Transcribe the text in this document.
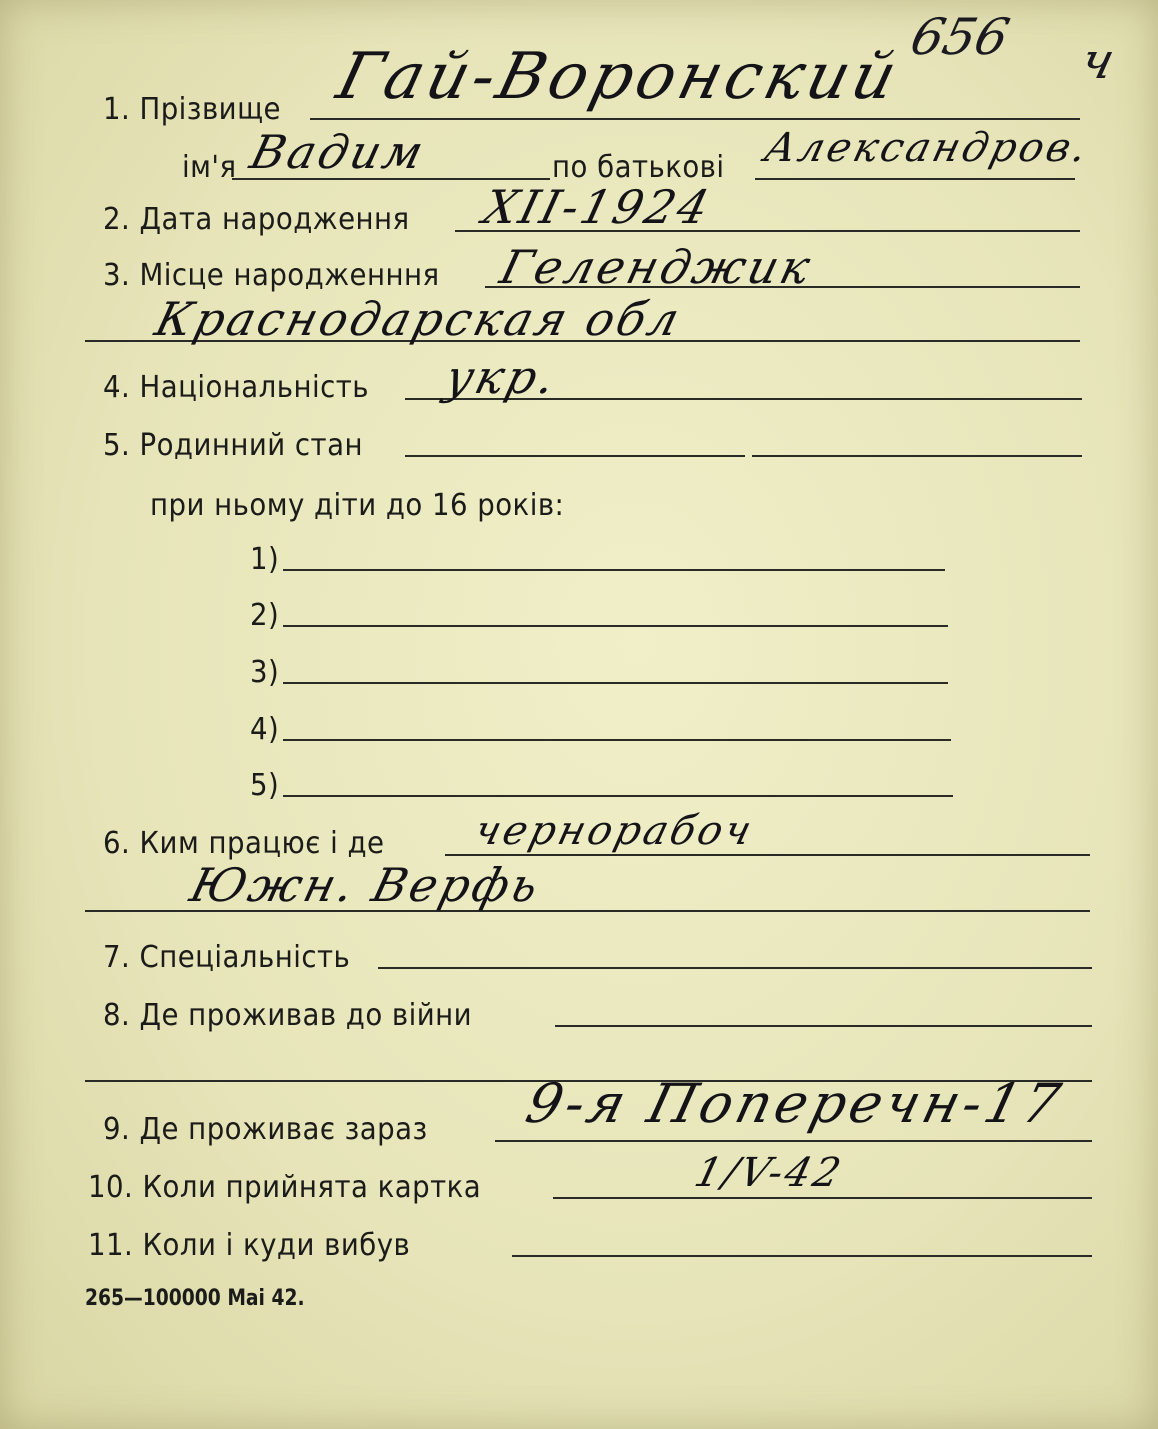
656 ч
1. Прізвище Гай-Воронский
ім'я Вадим	по батькові Александров.
2. Дата народження XII-1924
3. Місце народженння Геленджик
Краснодарская обл
4. Національність укр.
5. Родинний стан
при ньому діти до 16 років:
1)
2)
3)
4)
5)
6. Ким працює і де чернорабоч
Южн. Верфь
7. Спеціальність
8. Де проживав до війни
9. Де проживає зараз 9-я Поперечн-17
10. Коли прийнята картка	1/V-42
11. Коли і куди вибув
265—100000 Mai 42.
